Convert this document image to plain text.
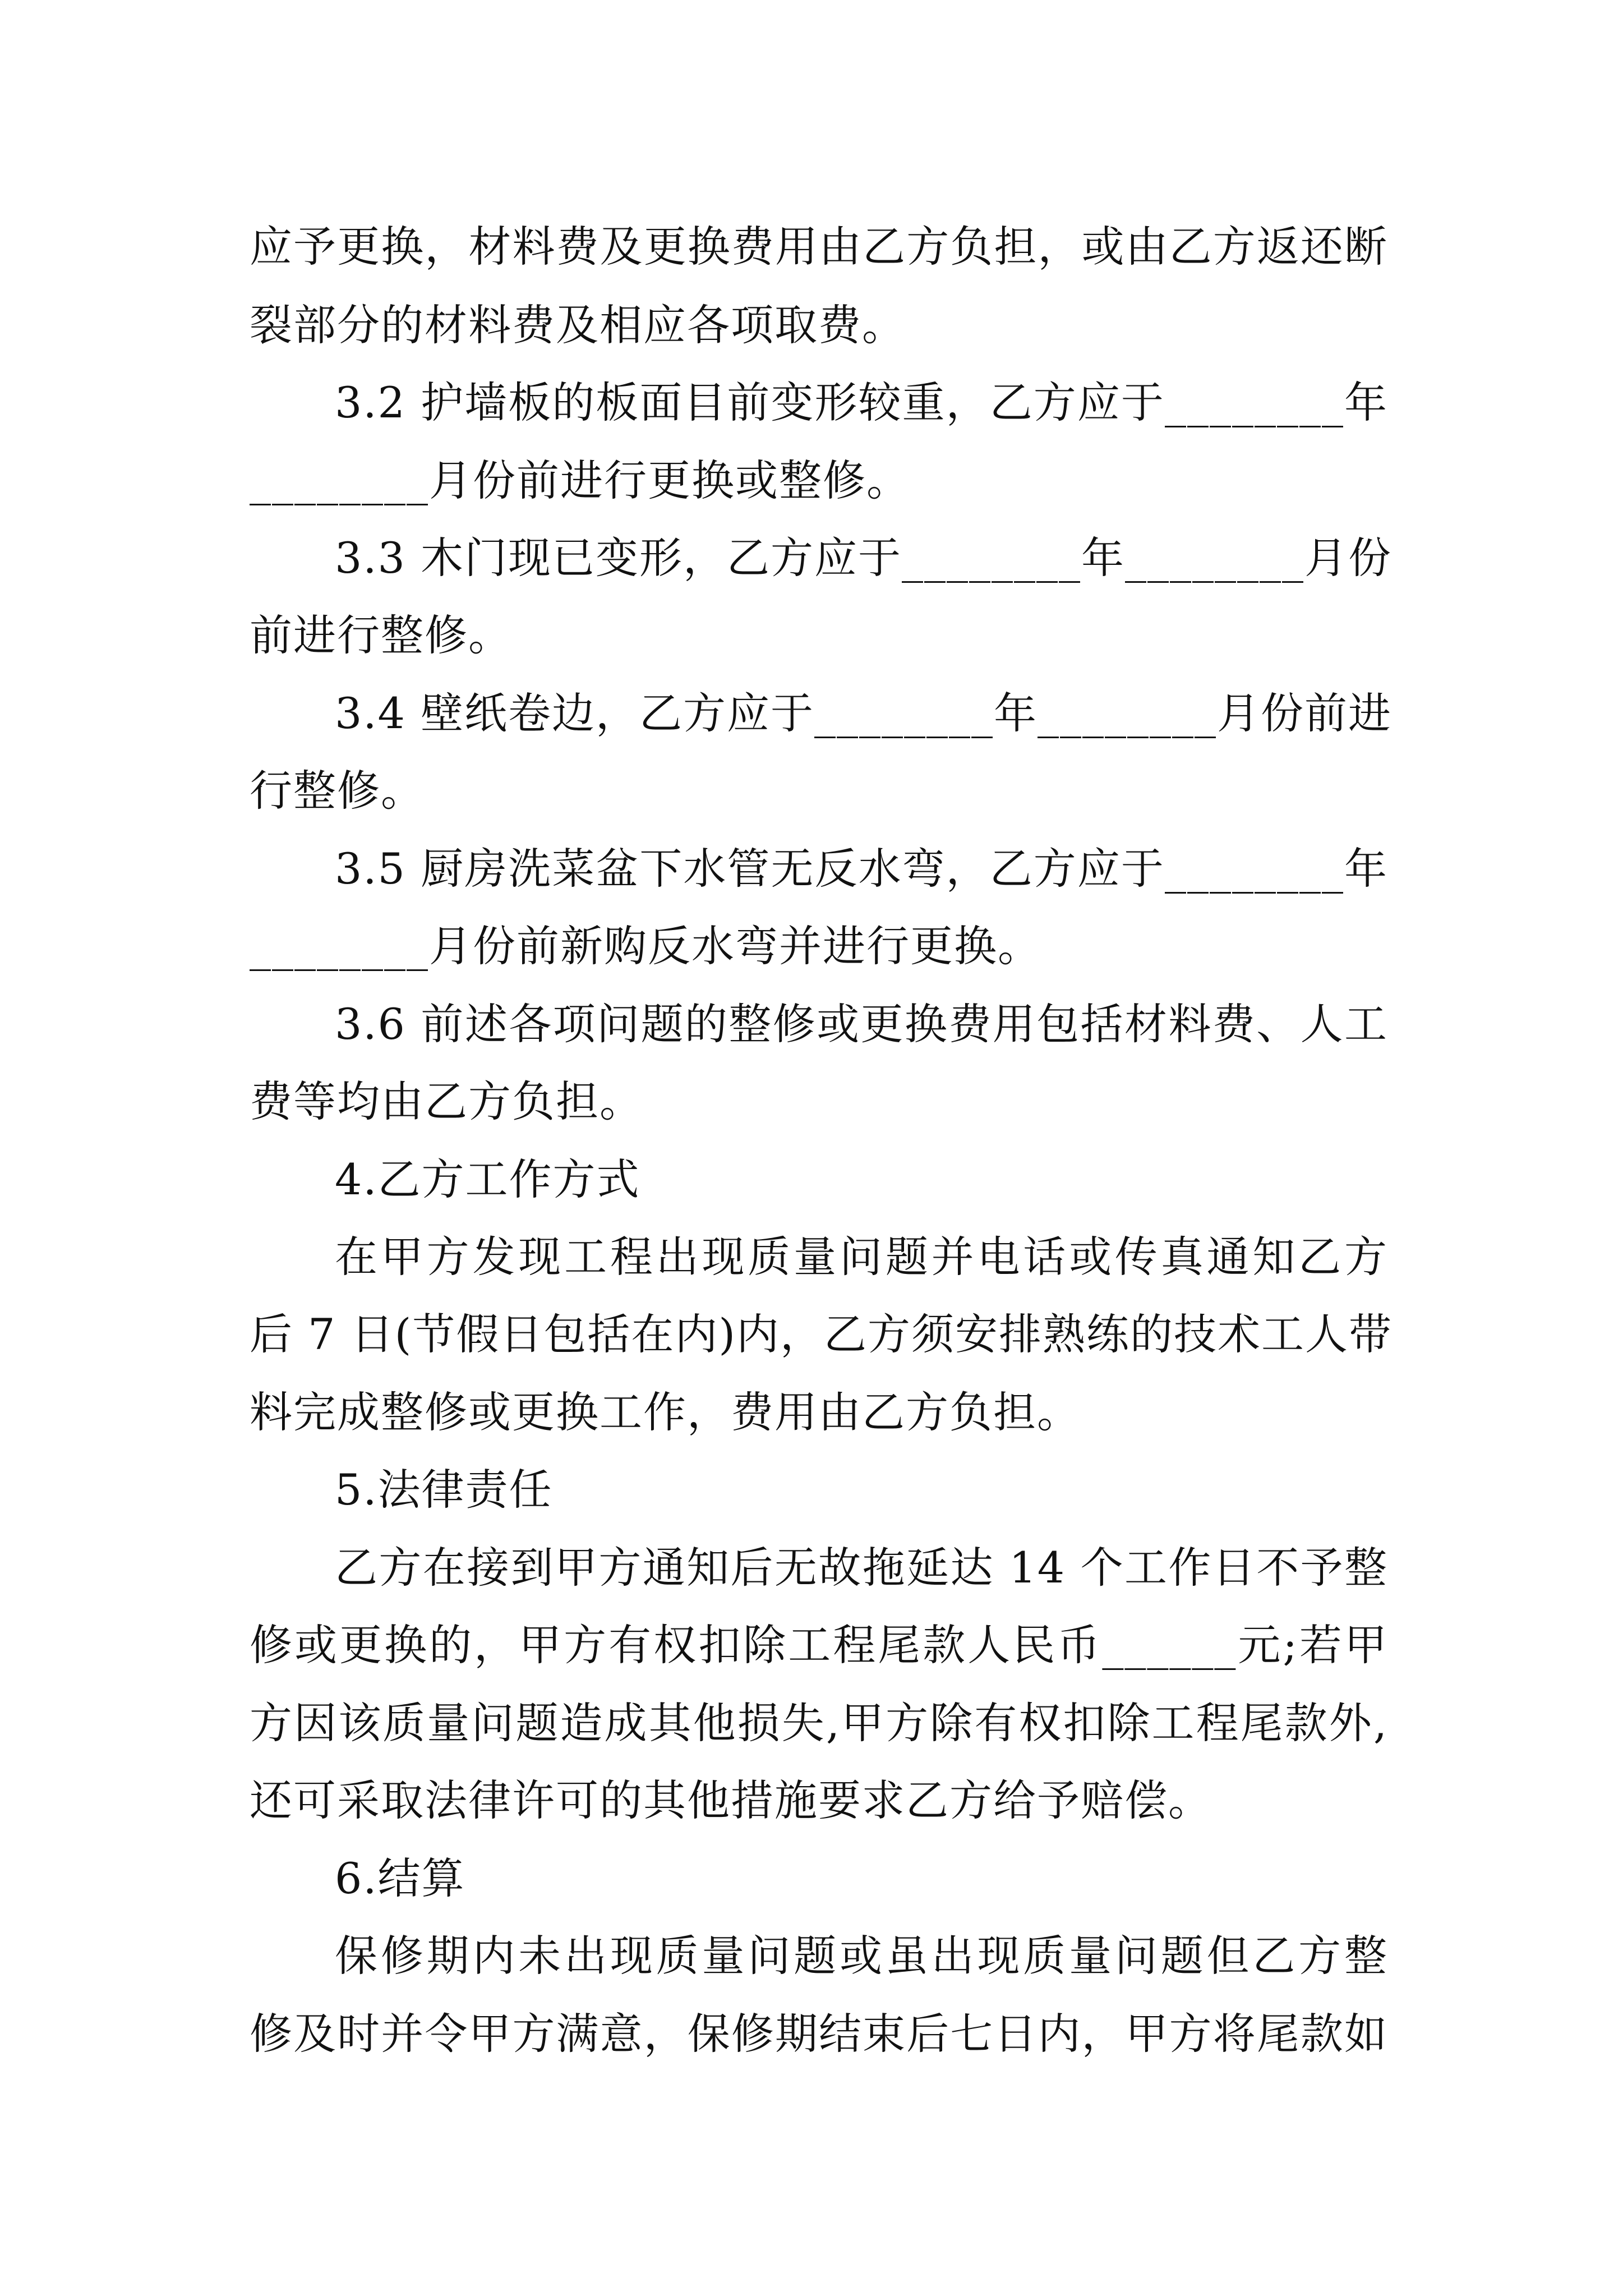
应予更换，材料费及更换费用由乙方负担，或由乙方返还断
裂部分的材料费及相应各项取费。
3.2 护墙板的板面目前变形较重，乙方应于________年
________月份前进行更换或整修。
3.3 木门现已变形，乙方应于________年________月份
前进行整修。
3.4 壁纸卷边，乙方应于________年________月份前进
行整修。
3.5 厨房洗菜盆下水管无反水弯，乙方应于________年
________月份前新购反水弯并进行更换。
3.6 前述各项问题的整修或更换费用包括材料费、人工
费等均由乙方负担。
4.乙方工作方式
在甲方发现工程出现质量问题并电话或传真通知乙方
后 7 日(节假日包括在内)内，乙方须安排熟练的技术工人带
料完成整修或更换工作，费用由乙方负担。
5.法律责任
乙方在接到甲方通知后无故拖延达 14 个工作日不予整
修或更换的，甲方有权扣除工程尾款人民币______元;若甲
方因该质量问题造成其他损失,甲方除有权扣除工程尾款外,
还可采取法律许可的其他措施要求乙方给予赔偿。
6.结算
保修期内未出现质量问题或虽出现质量问题但乙方整
修及时并令甲方满意，保修期结束后七日内，甲方将尾款如
